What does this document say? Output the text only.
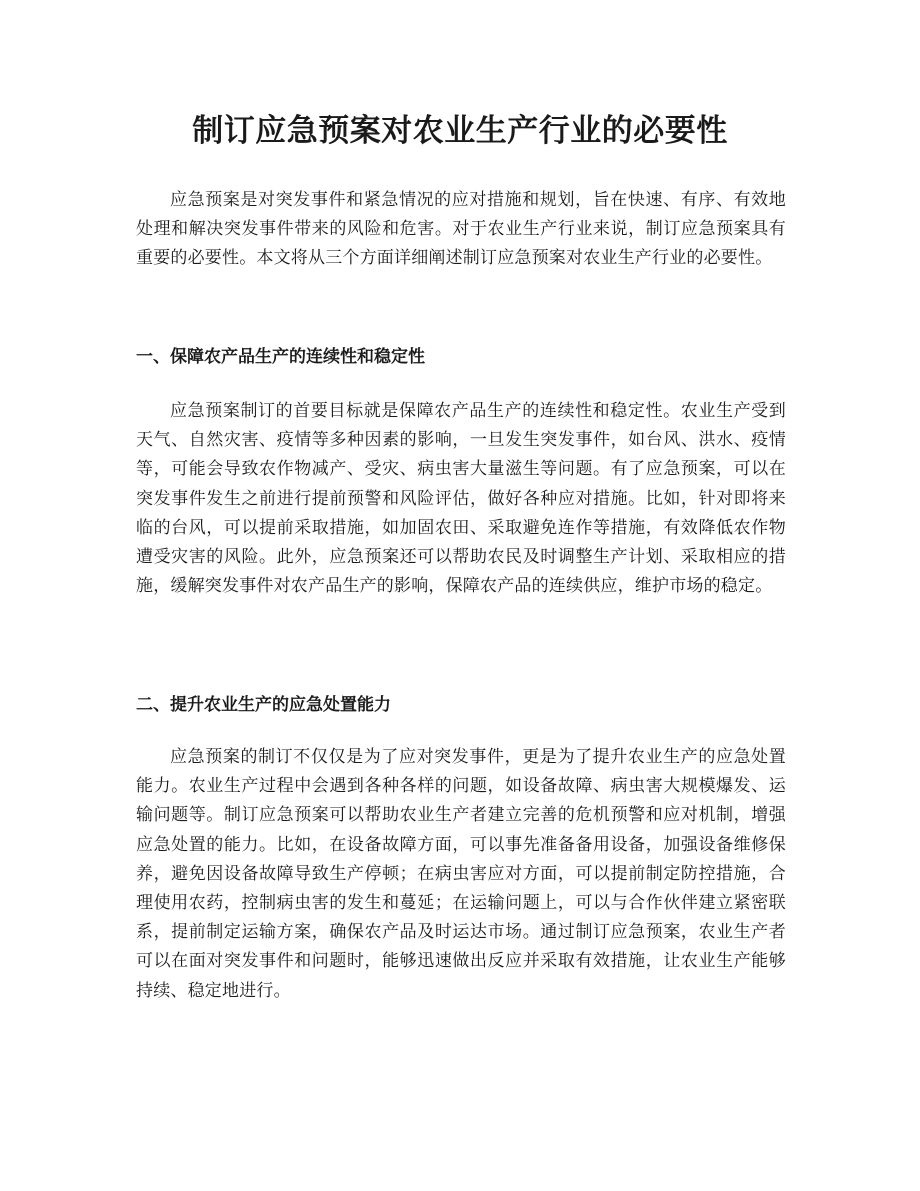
制订应急预案对农业生产行业的必要性

应急预案是对突发事件和紧急情况的应对措施和规划，旨在快速、有序、有效地处理和解决突发事件带来的风险和危害。对于农业生产行业来说，制订应急预案具有重要的必要性。本文将从三个方面详细阐述制订应急预案对农业生产行业的必要性。

一、保障农产品生产的连续性和稳定性

应急预案制订的首要目标就是保障农产品生产的连续性和稳定性。农业生产受到天气、自然灾害、疫情等多种因素的影响，一旦发生突发事件，如台风、洪水、疫情等，可能会导致农作物减产、受灾、病虫害大量滋生等问题。有了应急预案，可以在突发事件发生之前进行提前预警和风险评估，做好各种应对措施。比如，针对即将来临的台风，可以提前采取措施，如加固农田、采取避免连作等措施，有效降低农作物遭受灾害的风险。此外，应急预案还可以帮助农民及时调整生产计划、采取相应的措施，缓解突发事件对农产品生产的影响，保障农产品的连续供应，维护市场的稳定。

二、提升农业生产的应急处置能力

应急预案的制订不仅仅是为了应对突发事件，更是为了提升农业生产的应急处置能力。农业生产过程中会遇到各种各样的问题，如设备故障、病虫害大规模爆发、运输问题等。制订应急预案可以帮助农业生产者建立完善的危机预警和应对机制，增强应急处置的能力。比如，在设备故障方面，可以事先准备备用设备，加强设备维修保养，避免因设备故障导致生产停顿；在病虫害应对方面，可以提前制定防控措施，合理使用农药，控制病虫害的发生和蔓延；在运输问题上，可以与合作伙伴建立紧密联系，提前制定运输方案，确保农产品及时运达市场。通过制订应急预案，农业生产者可以在面对突发事件和问题时，能够迅速做出反应并采取有效措施，让农业生产能够持续、稳定地进行。
